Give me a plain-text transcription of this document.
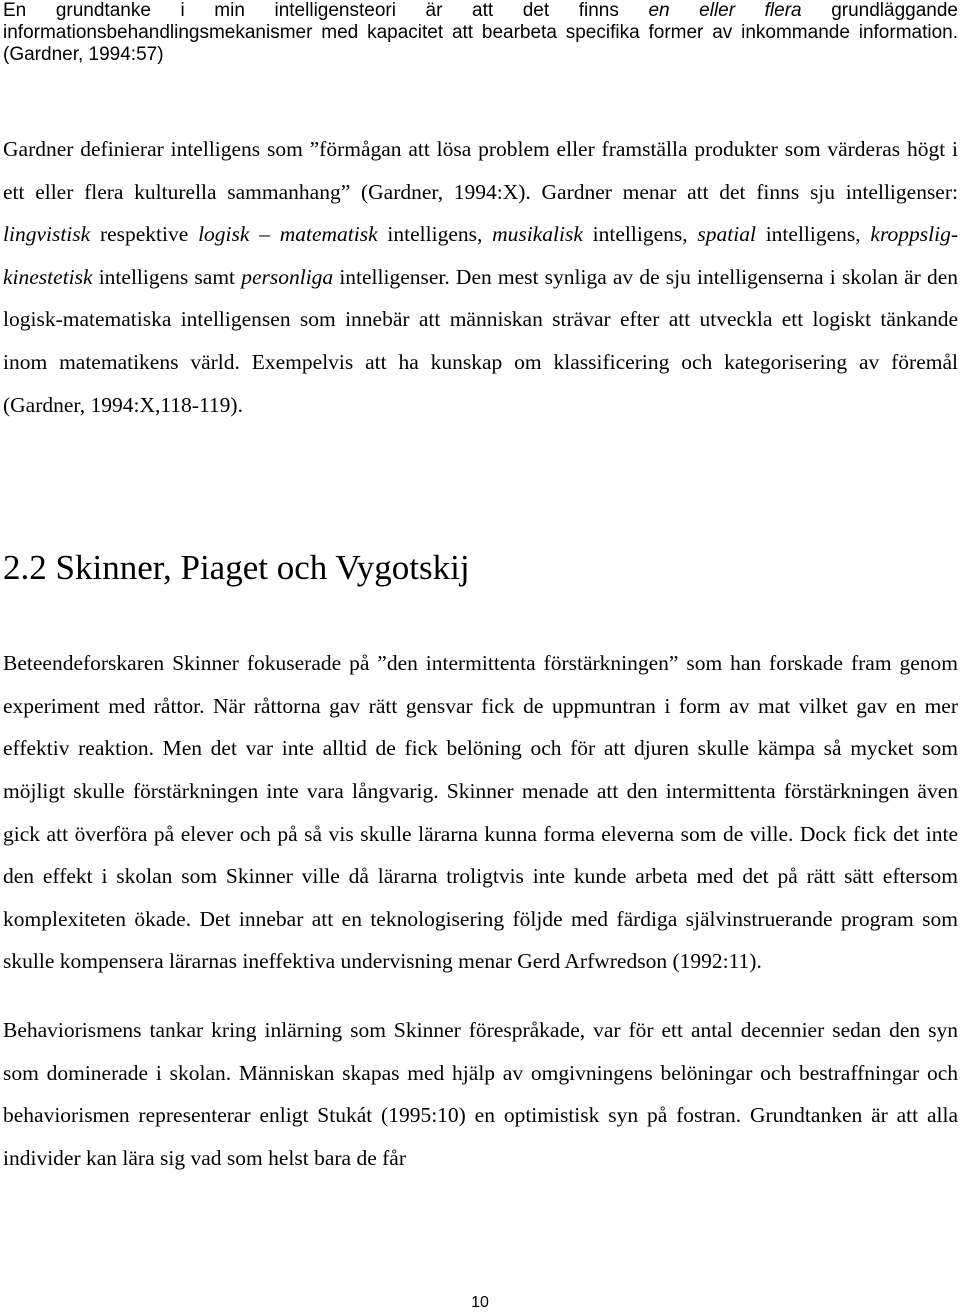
En grundtanke i min intelligensteori är att det finns en eller flera grundläggande informationsbehandlingsmekanismer med kapacitet att bearbeta specifika former av inkommande information. (Gardner, 1994:57)

Gardner definierar intelligens som ”förmågan att lösa problem eller framställa produkter som värderas högt i ett eller flera kulturella sammanhang” (Gardner, 1994:X). Gardner menar att det finns sju intelligenser: lingvistisk respektive logisk – matematisk intelligens, musikalisk intelligens, spatial intelligens, kroppslig-kinestetisk intelligens samt personliga intelligenser. Den mest synliga av de sju intelligenserna i skolan är den logisk-matematiska intelligensen som innebär att människan strävar efter att utveckla ett logiskt tänkande inom matematikens värld. Exempelvis att ha kunskap om klassificering och kategorisering av föremål (Gardner, 1994:X,118-119).

2.2 Skinner, Piaget och Vygotskij

Beteendeforskaren Skinner fokuserade på ”den intermittenta förstärkningen” som han forskade fram genom experiment med råttor. När råttorna gav rätt gensvar fick de uppmuntran i form av mat vilket gav en mer effektiv reaktion. Men det var inte alltid de fick belöning och för att djuren skulle kämpa så mycket som möjligt skulle förstärkningen inte vara långvarig. Skinner menade att den intermittenta förstärkningen även gick att överföra på elever och på så vis skulle lärarna kunna forma eleverna som de ville. Dock fick det inte den effekt i skolan som Skinner ville då lärarna troligtvis inte kunde arbeta med det på rätt sätt eftersom komplexiteten ökade. Det innebar att en teknologisering följde med färdiga självinstruerande program som skulle kompensera lärarnas ineffektiva undervisning menar Gerd Arfwredson (1992:11).

Behaviorismens tankar kring inlärning som Skinner förespråkade, var för ett antal decennier sedan den syn som dominerade i skolan. Människan skapas med hjälp av omgivningens belöningar och bestraffningar och behaviorismen representerar enligt Stukát (1995:10) en optimistisk syn på fostran. Grundtanken är att alla individer kan lära sig vad som helst bara de får

10
